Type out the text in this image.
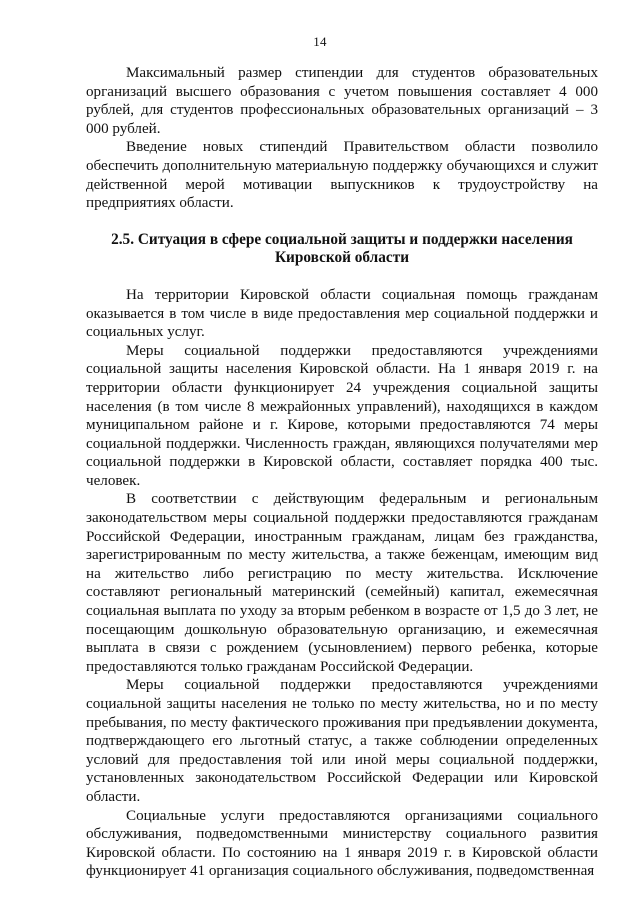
14

Максимальный размер стипендии для студентов образовательных организаций высшего образования с учетом повышения составляет 4 000 рублей, для студентов профессиональных образовательных организаций – 3 000 рублей.

Введение новых стипендий Правительством области позволило обеспечить дополнительную материальную поддержку обучающихся и служит действенной мерой мотивации выпускников к трудоустройству на предприятиях области.

2.5. Ситуация в сфере социальной защиты и поддержки населения
Кировской области

На территории Кировской области социальная помощь гражданам оказывается в том числе в виде предоставления мер социальной поддержки и социальных услуг.

Меры социальной поддержки предоставляются учреждениями социальной защиты населения Кировской области. На 1 января 2019 г. на территории области функционирует 24 учреждения социальной защиты населения (в том числе 8 межрайонных управлений), находящихся в каждом муниципальном районе и г. Кирове, которыми предоставляются 74 меры социальной поддержки. Численность граждан, являющихся получателями мер социальной поддержки в Кировской области, составляет порядка 400 тыс. человек.

В соответствии с действующим федеральным и региональным законодательством меры социальной поддержки предоставляются гражданам Российской Федерации, иностранным гражданам, лицам без гражданства, зарегистрированным по месту жительства, а также беженцам, имеющим вид на жительство либо регистрацию по месту жительства. Исключение составляют региональный материнский (семейный) капитал, ежемесячная социальная выплата по уходу за вторым ребенком в возрасте от 1,5 до 3 лет, не посещающим дошкольную образовательную организацию, и ежемесячная выплата в связи с рождением (усыновлением) первого ребенка, которые предоставляются только гражданам Российской Федерации.

Меры социальной поддержки предоставляются учреждениями социальной защиты населения не только по месту жительства, но и по месту пребывания, по месту фактического проживания при предъявлении документа, подтверждающего его льготный статус, а также соблюдении определенных условий для предоставления той или иной меры социальной поддержки, установленных законодательством Российской Федерации или Кировской области.

Социальные услуги предоставляются организациями социального обслуживания, подведомственными министерству социального развития Кировской области. По состоянию на 1 января 2019 г. в Кировской области функционирует 41 организация социального обслуживания, подведомственная
